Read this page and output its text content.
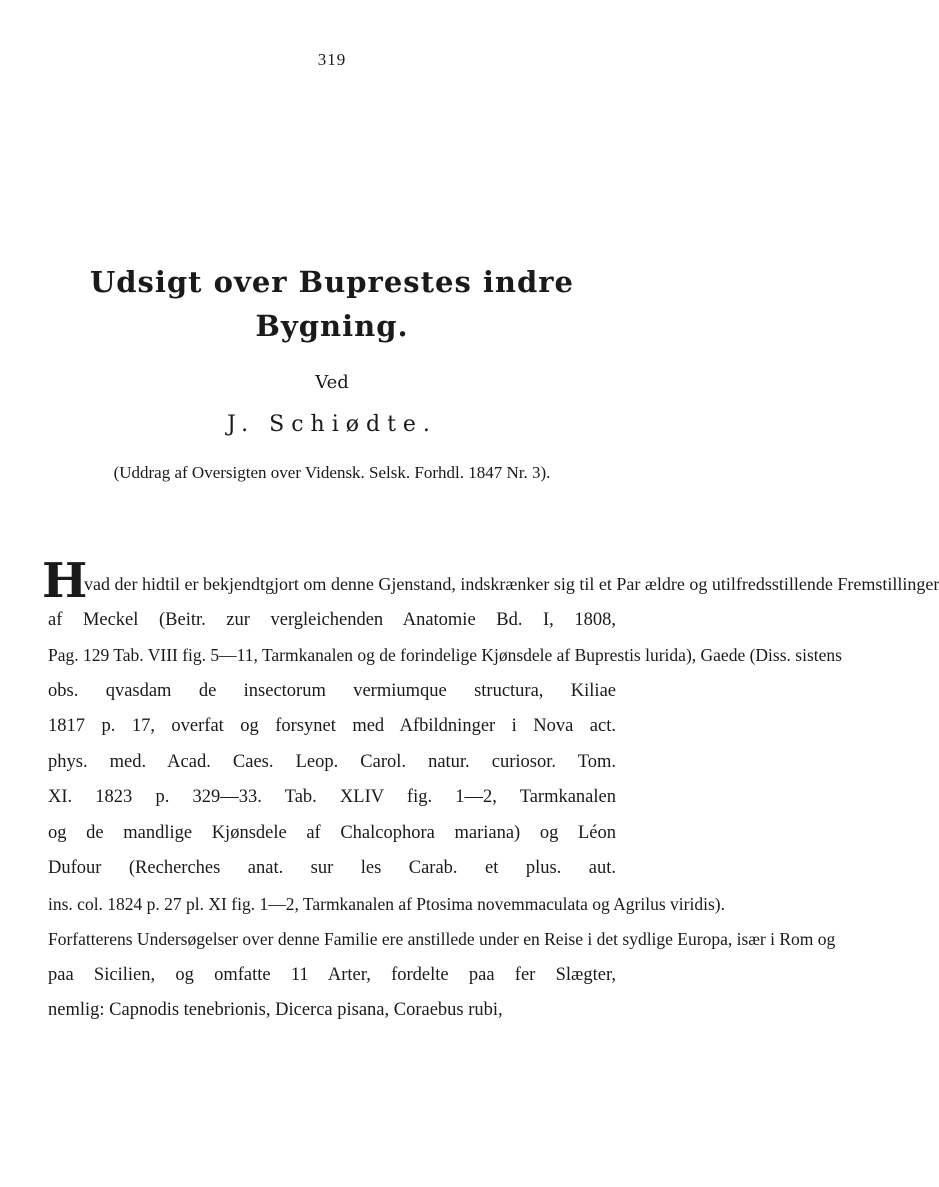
319
Udsigt over Buprestes indre
Bygning.
Ved
J. Schiødte.
(Uddrag af Oversigten over Vidensk. Selsk. Forhdl. 1847 Nr. 3).
H
vad der hidtil er bekjendtgjort om denne Gjenstand, indskrænker sig til et Par ældre og utilfredsstillende Fremstillinger
af Meckel (Beitr. zur vergleichenden Anatomie Bd. I, 1808,
Pag. 129 Tab. VIII fig. 5—11, Tarmkanalen og de forindelige Kjønsdele af Buprestis lurida), Gaede (Diss. sistens
obs. qvasdam de insectorum vermiumque structura, Kiliae
1817 p. 17, overfat og forsynet med Afbildninger i Nova act.
phys. med. Acad. Caes. Leop. Carol. natur. curiosor. Tom.
XI. 1823 p. 329—33. Tab. XLIV fig. 1—2, Tarmkanalen
og de mandlige Kjønsdele af Chalcophora mariana) og Léon
Dufour (Recherches anat. sur les Carab. et plus. aut.
ins. col. 1824 p. 27 pl. XI fig. 1—2, Tarmkanalen af Ptosima novemmaculata og Agrilus viridis).
Forfatterens Undersøgelser over denne Familie ere anstillede under en Reise i det sydlige Europa, især i Rom og
paa Sicilien, og omfatte 11 Arter, fordelte paa fer Slægter,
nemlig: Capnodis tenebrionis, Dicerca pisana, Coraebus rubi,
